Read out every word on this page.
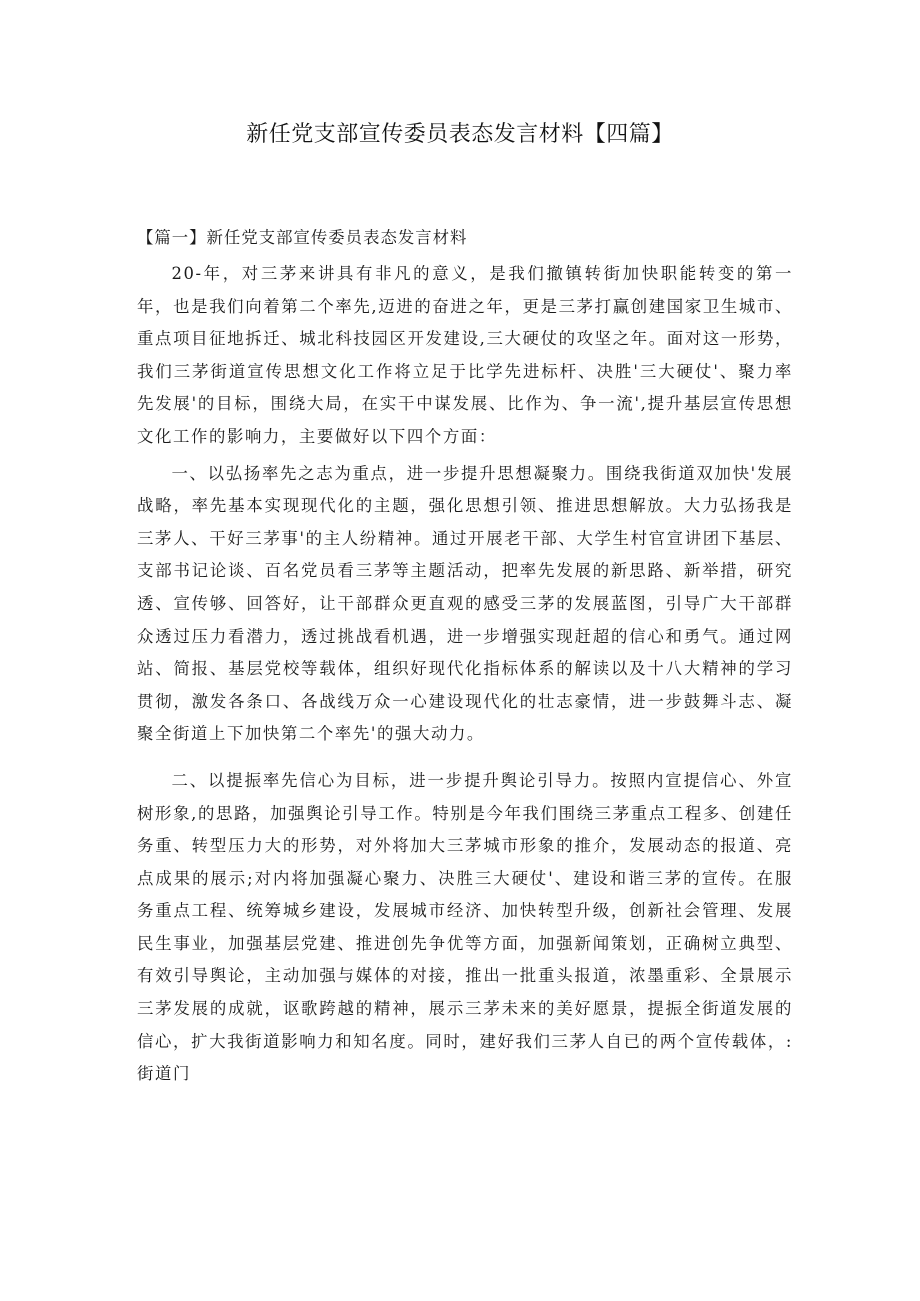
新任党支部宣传委员表态发言材料【四篇】

【篇一】新任党支部宣传委员表态发言材料

20-年，对三茅来讲具有非凡的意义，是我们撤镇转街加快职能转变的第一年，也是我们向着第二个率先,迈进的奋进之年，更是三茅打赢创建国家卫生城市、重点项目征地拆迁、城北科技园区开发建设,三大硬仗的攻坚之年。面对这一形势，我们三茅街道宣传思想文化工作将立足于比学先进标杆、决胜'三大硬仗'、聚力率先发展'的目标，围绕大局，在实干中谋发展、比作为、争一流',提升基层宣传思想文化工作的影响力，主要做好以下四个方面：

一、以弘扬率先之志为重点，进一步提升思想凝聚力。围绕我街道双加快'发展战略，率先基本实现现代化的主题，强化思想引领、推进思想解放。大力弘扬我是三茅人、干好三茅事'的主人纷精神。通过开展老干部、大学生村官宣讲团下基层、支部书记论谈、百名党员看三茅等主题活动，把率先发展的新思路、新举措，研究透、宣传够、回答好，让干部群众更直观的感受三茅的发展蓝图，引导广大干部群众透过压力看潜力，透过挑战看机遇，进一步增强实现赶超的信心和勇气。通过网站、简报、基层党校等载体，组织好现代化指标体系的解读以及十八大精神的学习贯彻，激发各条口、各战线万众一心建设现代化的壮志豪情，进一步鼓舞斗志、凝聚全街道上下加快第二个率先'的强大动力。

二、以提振率先信心为目标，进一步提升舆论引导力。按照内宣提信心、外宣树形象,的思路，加强舆论引导工作。特别是今年我们围绕三茅重点工程多、创建任务重、转型压力大的形势，对外将加大三茅城市形象的推介，发展动态的报道、亮点成果的展示;对内将加强凝心聚力、决胜三大硬仗'、建设和谐三茅的宣传。在服务重点工程、统筹城乡建设，发展城市经济、加快转型升级，创新社会管理、发展民生事业，加强基层党建、推进创先争优等方面，加强新闻策划，正确树立典型、有效引导舆论，主动加强与媒体的对接，推出一批重头报道，浓墨重彩、全景展示三茅发展的成就，讴歌跨越的精神，展示三茅未来的美好愿景，提振全街道发展的信心，扩大我街道影响力和知名度。同时，建好我们三茅人自已的两个宣传载体，:街道门
